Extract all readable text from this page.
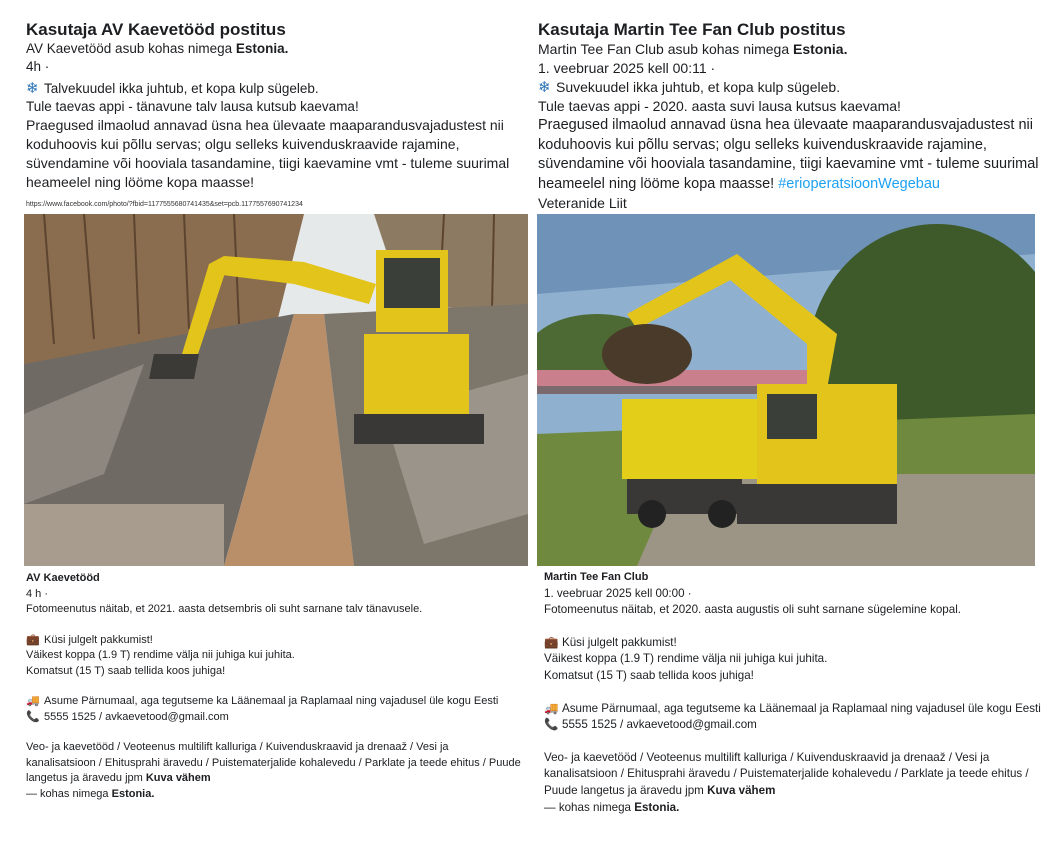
Kasutaja AV Kaevetööd postitus
AV Kaevetööd asub kohas nimega Estonia.
4h ·
❄ Talvekuudel ikka juhtub, et kopa kulp sügeleb.
Tule taevas appi - tänavune talv lausa kutsub kaevama!
Praegused ilmaolud annavad üsna hea ülevaate maaparandusvajadustest nii koduhoovis kui põllu servas; olgu selleks kuivenduskraavide rajamine, süvendamine või hooviala tasandamine, tiigi kaevamine vmt - tuleme suurimal heameelel ning lööme kopa maasse!
https://www.facebook.com/photo/?fbid=1177555680741435&set=pcb.1177557690741234
AV Kaevetööd
4 h ·
Fotomeenutus näitab, et 2021. aasta detsembris oli suht sarnane talv tänavusele.
💼 Küsi julgelt pakkumist!
Väikest koppa (1.9 T) rendime välja nii juhiga kui juhita.
Komatsut (15 T) saab tellida koos juhiga!
🚚 Asume Pärnumaal, aga tegutseme ka Läänemaal ja Raplamaal ning vajadusel üle kogu Eesti
📞 5555 1525 / avkaevetood@gmail.com
Veo- ja kaevetööd / Veoteenus multilift kalluriga / Kuivenduskraavid ja drenaaž / Vesi ja kanalisatsioon / Ehitusprahi äravedu / Puistematerjalide kohalevedu / Parklate ja teede ehitus / Puude langetus ja äravedu jpm Kuva vähem
— kohas nimega Estonia.
Kasutaja Martin Tee Fan Club postitus
Martin Tee Fan Club asub kohas nimega Estonia.
1. veebruar 2025 kell 00:11 ·
❄ Suvekuudel ikka juhtub, et kopa kulp sügeleb.
Tule taevas appi - 2020. aasta suvi lausa kutsus kaevama!
Praegused ilmaolud annavad üsna hea ülevaate maaparandusvajadustest nii koduhoovis kui põllu servas; olgu selleks kuivenduskraavide rajamine, süvendamine või hooviala tasandamine, tiigi kaevamine vmt - tuleme suurimal heameelel ning lööme kopa maasse! #erioperatsioonWegebau
Veteranide Liit
Martin Tee Fan Club
1. veebruar 2025 kell 00:00 ·
Fotomeenutus näitab, et 2020. aasta augustis oli suht sarnane sügelemine kopal.
💼 Küsi julgelt pakkumist!
Väikest koppa (1.9 T) rendime välja nii juhiga kui juhita.
Komatsut (15 T) saab tellida koos juhiga!
🚚 Asume Pärnumaal, aga tegutseme ka Läänemaal ja Raplamaal ning vajadusel üle kogu Eesti
📞 5555 1525 / avkaevetood@gmail.com
Veo- ja kaevetööd / Veoteenus multilift kalluriga / Kuivenduskraavid ja drenaaž / Vesi ja kanalisatsioon / Ehitusprahi äravedu / Puistematerjalide kohalevedu / Parklate ja teede ehitus / Puude langetus ja äravedu jpm Kuva vähem
— kohas nimega Estonia.
